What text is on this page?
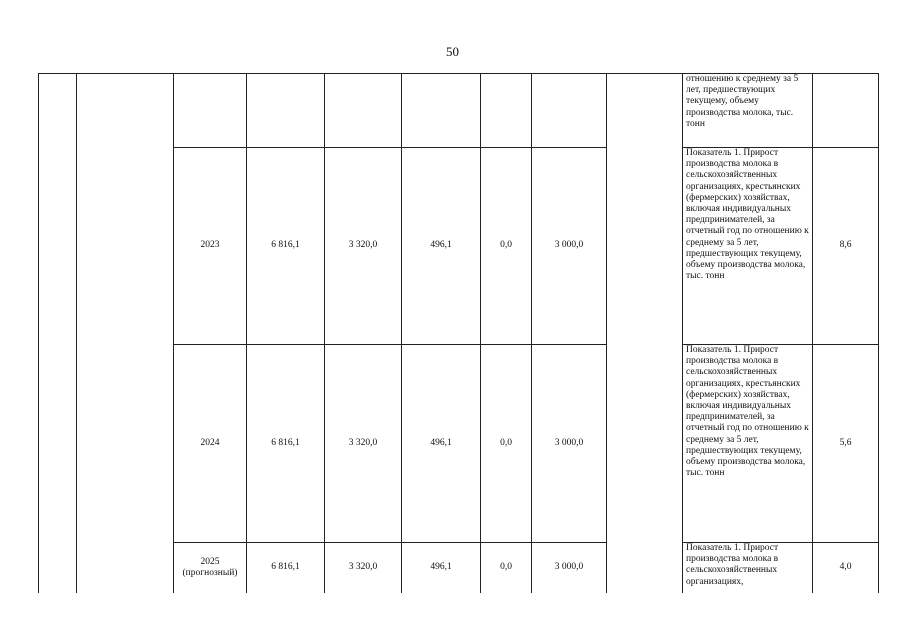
50
									отношению к среднему за 5 лет, предшествующих текущему, объему производства молока, тыс. тонн	
		2023	6 816,1	3 320,0	496,1	0,0	3 000,0		Показатель 1. Прирост производства молока в сельскохозяйственных организациях, крестьянских (фермерских) хозяйствах, включая индивидуальных предпринимателей, за отчетный год по отношению к среднему за 5 лет, предшествующих текущему, объему производства молока, тыс. тонн	8,6
		2024	6 816,1	3 320,0	496,1	0,0	3 000,0		Показатель 1. Прирост производства молока в сельскохозяйственных организациях, крестьянских (фермерских) хозяйствах, включая индивидуальных предпринимателей, за отчетный год по отношению к среднему за 5 лет, предшествующих текущему, объему производства молока, тыс. тонн	5,6

		2025
(прогнозный)	6 816,1	3 320,0	496,1	0,0	3 000,0		Показатель 1. Прирост производства молока в сельскохозяйственных организациях,	4,0
